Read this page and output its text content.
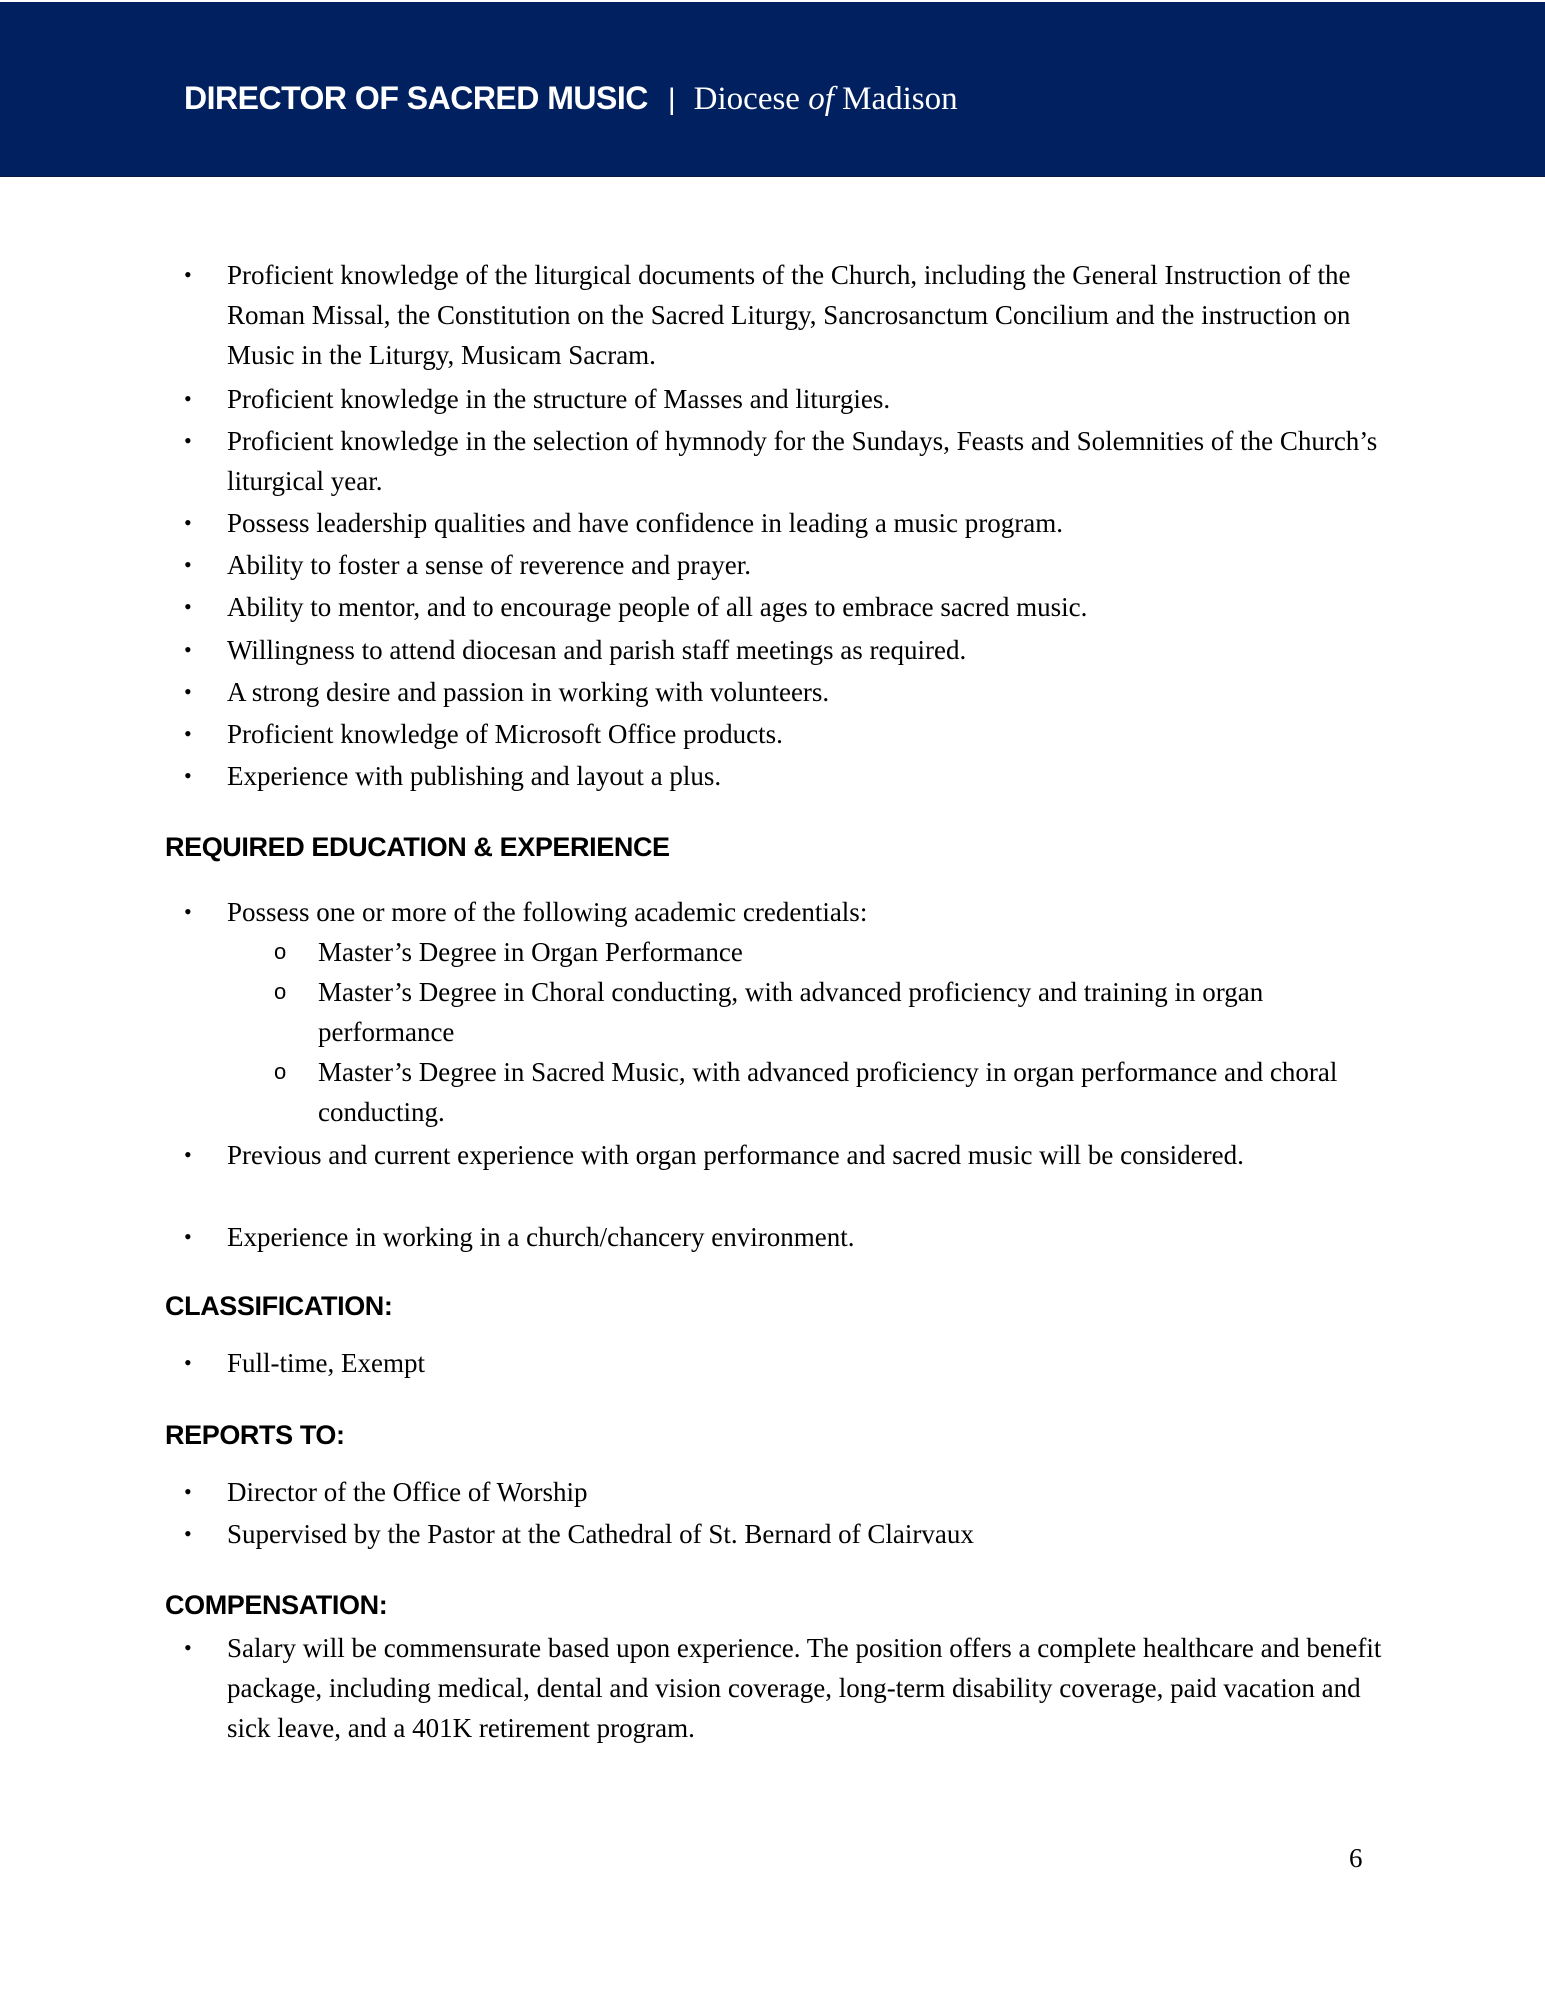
DIRECTOR OF SACRED MUSIC | Diocese of Madison
• Proficient knowledge of the liturgical documents of the Church, including the General Instruction of the Roman Missal, the Constitution on the Sacred Liturgy, Sancrosanctum Concilium and the instruction on Music in the Liturgy, Musicam Sacram.
• Proficient knowledge in the structure of Masses and liturgies.
• Proficient knowledge in the selection of hymnody for the Sundays, Feasts and Solemnities of the Church’s liturgical year.
• Possess leadership qualities and have confidence in leading a music program.
• Ability to foster a sense of reverence and prayer.
• Ability to mentor, and to encourage people of all ages to embrace sacred music.
• Willingness to attend diocesan and parish staff meetings as required.
• A strong desire and passion in working with volunteers.
• Proficient knowledge of Microsoft Office products.
• Experience with publishing and layout a plus.
REQUIRED EDUCATION & EXPERIENCE
• Possess one or more of the following academic credentials:
o Master’s Degree in Organ Performance
o Master’s Degree in Choral conducting, with advanced proficiency and training in organ performance
o Master’s Degree in Sacred Music, with advanced proficiency in organ performance and choral conducting.
• Previous and current experience with organ performance and sacred music will be considered.
• Experience in working in a church/chancery environment.
CLASSIFICATION:
• Full-time, Exempt
REPORTS TO:
• Director of the Office of Worship
• Supervised by the Pastor at the Cathedral of St. Bernard of Clairvaux
COMPENSATION:
• Salary will be commensurate based upon experience. The position offers a complete healthcare and benefit package, including medical, dental and vision coverage, long-term disability coverage, paid vacation and sick leave, and a 401K retirement program.
6
